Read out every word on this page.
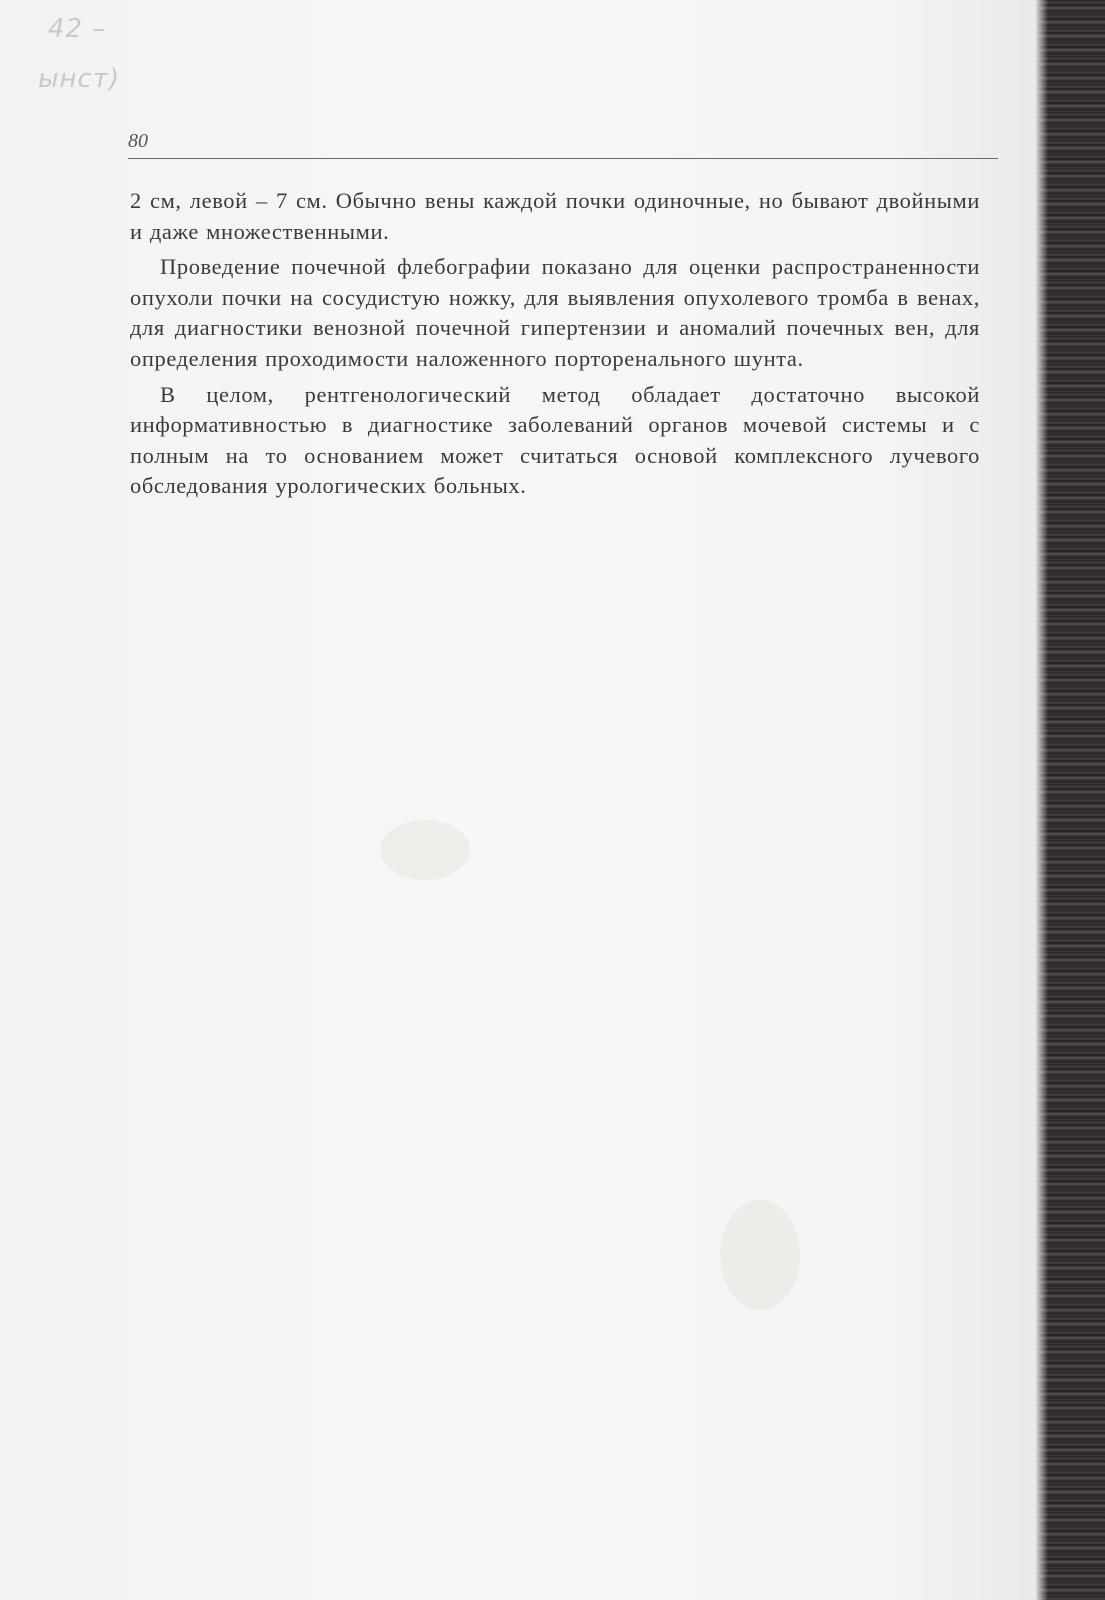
42 –
ынст)
80

2 см, левой – 7 см. Обычно вены каждой почки одиночные, но бывают двойными и даже множественными.

Проведение почечной флебографии показано для оценки распространенности опухоли почки на сосудистую ножку, для выявления опухолевого тромба в венах, для диагностики венозной почечной гипертензии и аномалий почечных вен, для определения проходимости наложенного порторенального шунта.

В целом, рентгенологический метод обладает достаточно высокой информативностью в диагностике заболеваний органов мочевой системы и с полным на то основанием может считаться основой комплексного лучевого обследования урологических больных.
